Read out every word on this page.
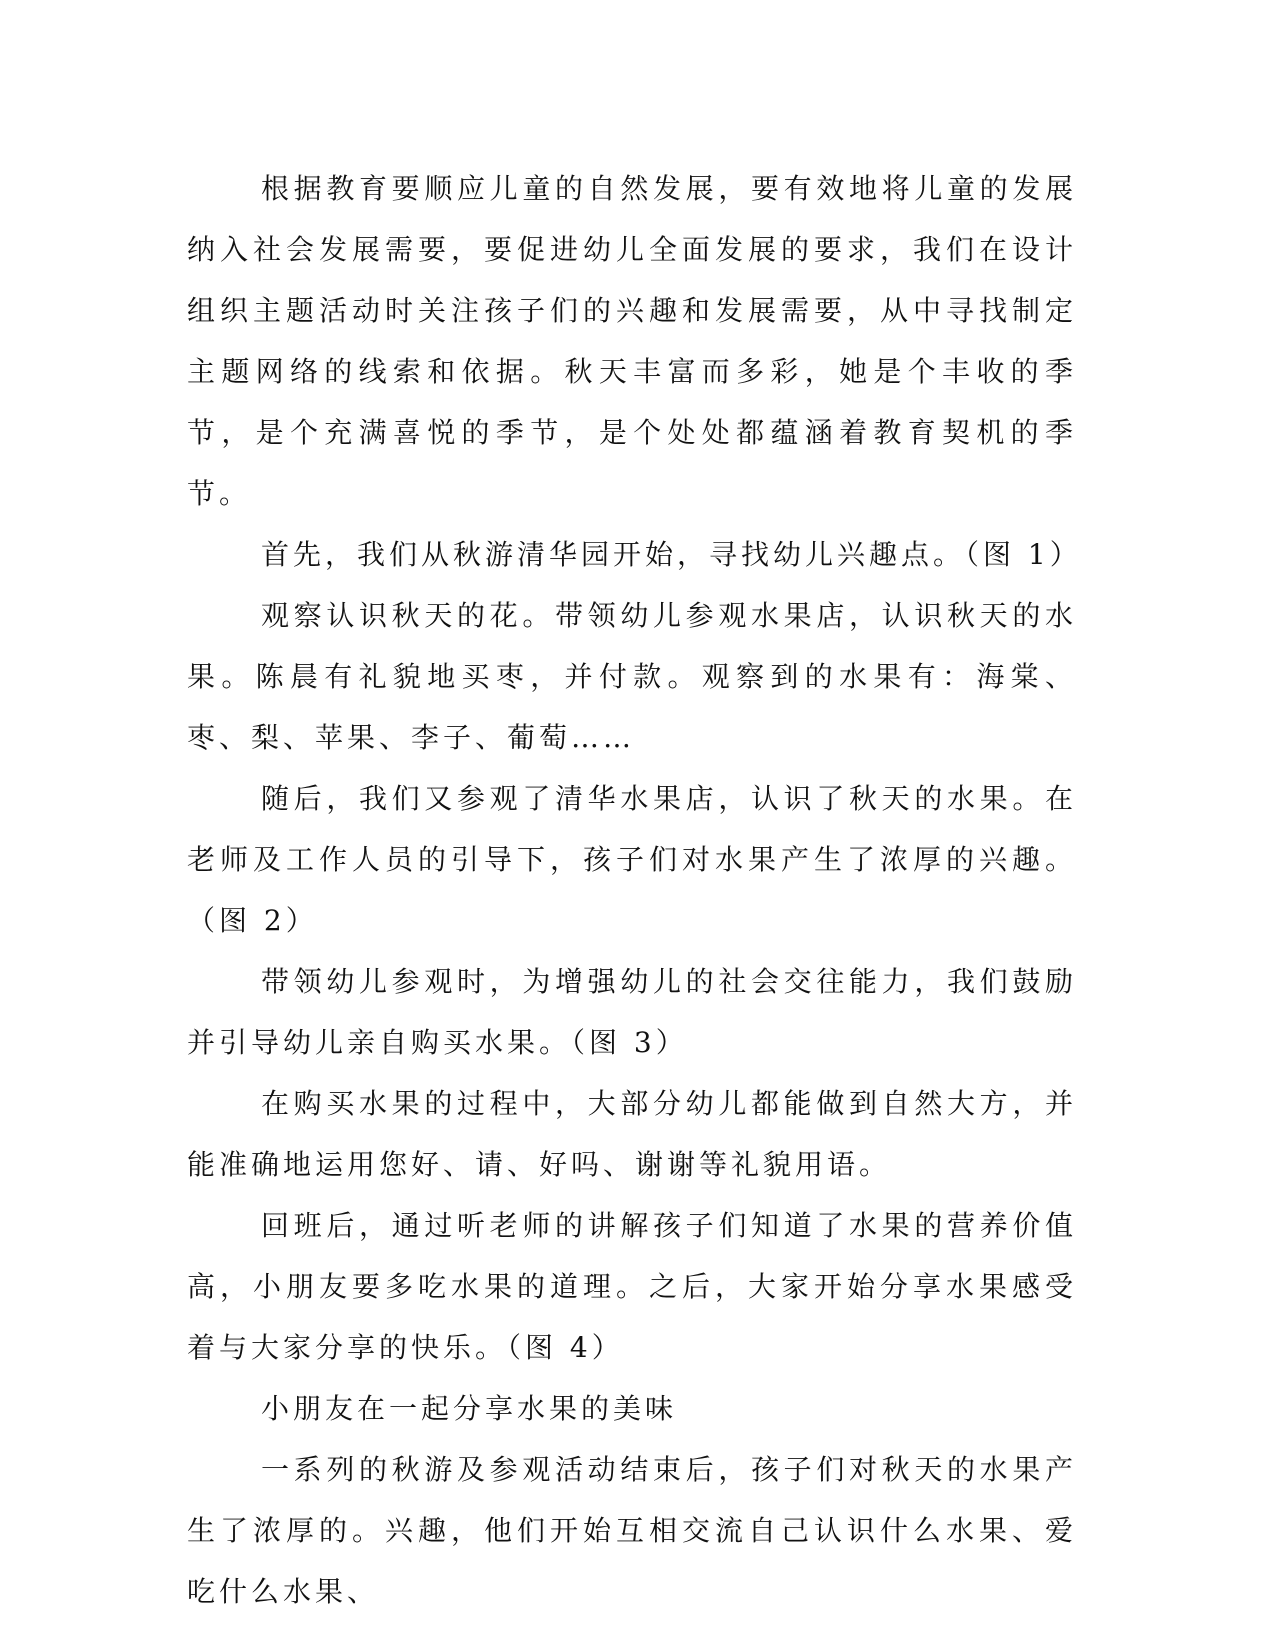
根据教育要顺应儿童的自然发展，要有效地将儿童的发展纳入社会发展需要，要促进幼儿全面发展的要求，我们在设计组织主题活动时关注孩子们的兴趣和发展需要，从中寻找制定主题网络的线索和依据。秋天丰富而多彩，她是个丰收的季节，是个充满喜悦的季节，是个处处都蕴涵着教育契机的季节。

首先，我们从秋游清华园开始，寻找幼儿兴趣点。（图 1）

观察认识秋天的花。带领幼儿参观水果店，认识秋天的水果。陈晨有礼貌地买枣，并付款。观察到的水果有：海棠、枣、梨、苹果、李子、葡萄……

随后，我们又参观了清华水果店，认识了秋天的水果。在老师及工作人员的引导下，孩子们对水果产生了浓厚的兴趣。（图 2）

带领幼儿参观时，为增强幼儿的社会交往能力，我们鼓励并引导幼儿亲自购买水果。（图 3）

在购买水果的过程中，大部分幼儿都能做到自然大方，并能准确地运用您好、请、好吗、谢谢等礼貌用语。

回班后，通过听老师的讲解孩子们知道了水果的营养价值高，小朋友要多吃水果的道理。之后，大家开始分享水果感受着与大家分享的快乐。（图 4）

小朋友在一起分享水果的美味

一系列的秋游及参观活动结束后，孩子们对秋天的水果产生了浓厚的。兴趣，他们开始互相交流自己认识什么水果、爱吃什么水果、
